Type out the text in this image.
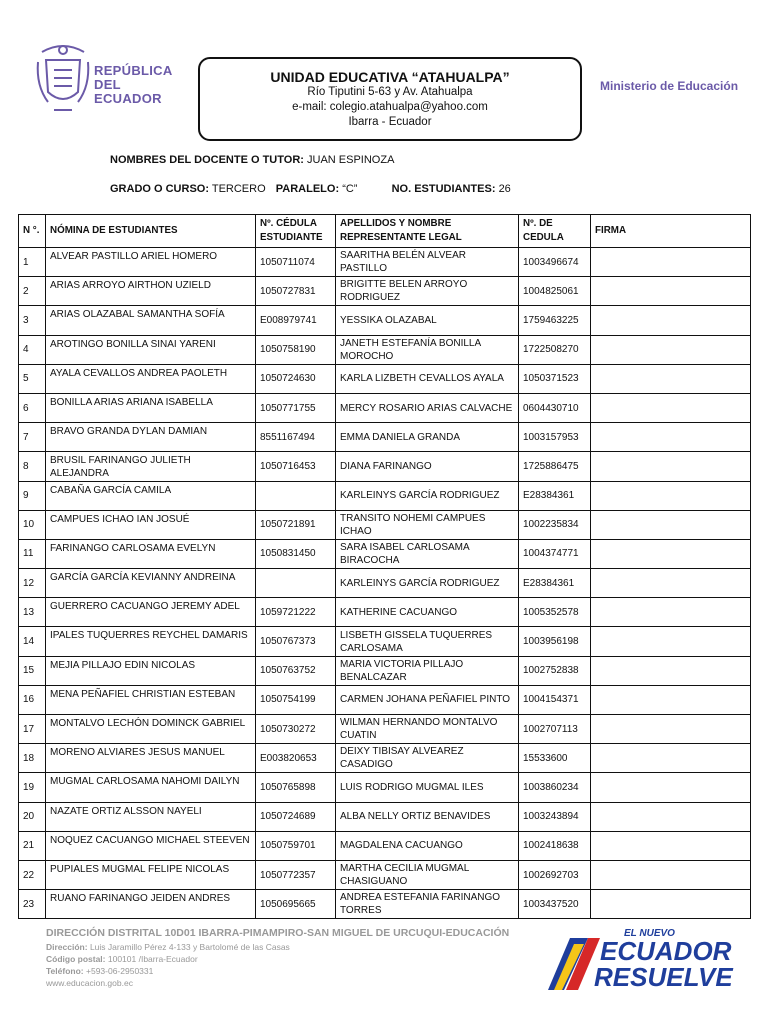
REPÚBLICA
DEL ECUADOR
UNIDAD EDUCATIVA “ATAHUALPA”
Río Tiputini 5-63 y Av. Atahualpa
e-mail: colegio.atahualpa@yahoo.com
Ibarra - Ecuador
Ministerio de Educación
NOMBRES DEL DOCENTE O TUTOR: JUAN ESPINOZA
GRADO O CURSO: TERCERO PARALELO: “C”	NO. ESTUDIANTES: 26
N °.	NÓMINA DE ESTUDIANTES	Nº. CÉDULA ESTUDIANTE	APELLIDOS Y NOMBRE REPRESENTANTE LEGAL	Nº. DE CEDULA	FIRMA
1	ALVEAR PASTILLO ARIEL HOMERO	1050711074	SAARITHA BELÉN ALVEAR PASTILLO	1003496674	
2	ARIAS ARROYO AIRTHON UZIELD	1050727831	BRIGITTE BELEN ARROYO RODRIGUEZ	1004825061	
3	ARIAS OLAZABAL SAMANTHA SOFÍA	E008979741	YESSIKA OLAZABAL	1759463225	
4	AROTINGO BONILLA SINAI YARENI	1050758190	JANETH ESTEFANÍA BONILLA MOROCHO	1722508270	
5	AYALA CEVALLOS ANDREA PAOLETH	1050724630	KARLA LIZBETH CEVALLOS AYALA	1050371523	
6	BONILLA ARIAS ARIANA ISABELLA	1050771755	MERCY ROSARIO ARIAS CALVACHE	0604430710	
7	BRAVO GRANDA DYLAN DAMIAN	8551167494	EMMA DANIELA GRANDA	1003157953	
8	BRUSIL FARINANGO JULIETH ALEJANDRA	1050716453	DIANA FARINANGO	1725886475	
9	CABAÑA GARCÍA CAMILA		KARLEINYS GARCÍA RODRIGUEZ	E28384361	
10	CAMPUES ICHAO IAN JOSUÉ	1050721891	TRANSITO NOHEMI CAMPUES ICHAO	1002235834	
11	FARINANGO CARLOSAMA EVELYN	1050831450	SARA ISABEL CARLOSAMA BIRACOCHA	1004374771	
12	GARCÍA GARCÍA KEVIANNY ANDREINA		KARLEINYS GARCÍA RODRIGUEZ	E28384361	
13	GUERRERO CACUANGO JEREMY ADEL	1059721222	KATHERINE CACUANGO	1005352578	
14	IPALES TUQUERRES REYCHEL DAMARIS	1050767373	LISBETH GISSELA TUQUERRES CARLOSAMA	1003956198	
15	MEJIA PILLAJO EDIN NICOLAS	1050763752	MARIA VICTORIA PILLAJO BENALCAZAR	1002752838	
16	MENA PEÑAFIEL CHRISTIAN ESTEBAN	1050754199	CARMEN JOHANA PEÑAFIEL PINTO	1004154371	
17	MONTALVO LECHÓN DOMINCK GABRIEL	1050730272	WILMAN HERNANDO MONTALVO CUATIN	1002707113	
18	MORENO ALVIARES JESUS MANUEL	E003820653	DEIXY TIBISAY ALVEAREZ CASADIGO	15533600	
19	MUGMAL CARLOSAMA NAHOMI DAILYN	1050765898	LUIS RODRIGO MUGMAL ILES	1003860234	
20	NAZATE ORTIZ ALSSON NAYELI	1050724689	ALBA NELLY ORTIZ BENAVIDES	1003243894	
21	NOQUEZ CACUANGO MICHAEL STEEVEN	1050759701	MAGDALENA CACUANGO	1002418638	
22	PUPIALES MUGMAL FELIPE NICOLAS	1050772357	MARTHA CECILIA MUGMAL CHASIGUANO	1002692703	
23	RUANO FARINANGO JEIDEN ANDRES	1050695665	ANDREA ESTEFANIA FARINANGO TORRES	1003437520	
DIRECCIÓN DISTRITAL 10D01 IBARRA-PIMAMPIRO-SAN MIGUEL DE URCUQUI-EDUCACIÓN
Dirección: Luis Jaramillo Pérez 4-133 y Bartolomé de las Casas
Código postal: 100101 /Ibarra-Ecuador
Teléfono: +593-06-2950331
www.educacion.gob.ec
EL NUEVO
ECUADOR
RESUELVE
